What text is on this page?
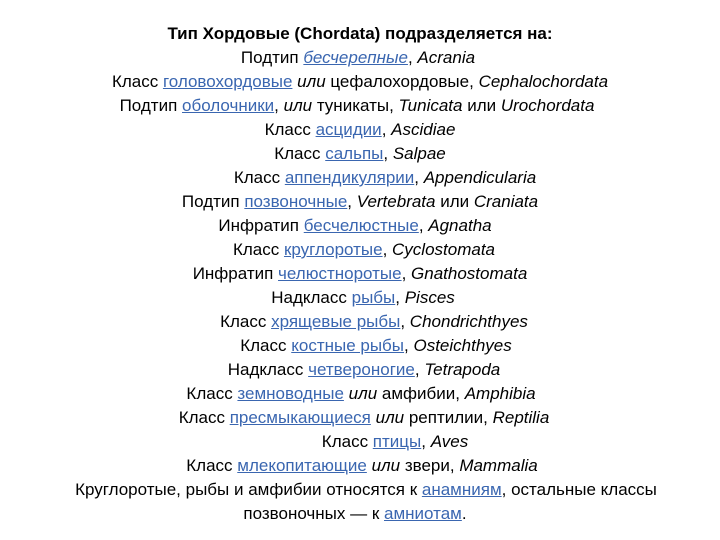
Тип Хордовые (Chordata) подразделяется на:
Подтип бесчерепные, Acrania
Класс головохордовые или цефалохордовые, Cephalochordata
Подтип оболочники, или туникаты, Tunicata или Urochordata
Класс асцидии, Ascidiae
Класс сальпы, Salpae
Класс аппендикулярии, Appendicularia
Подтип позвоночные, Vertebrata или Craniata
Инфратип бесчелюстные, Agnatha
Класс круглоротые, Cyclostomata
Инфратип челюстноротые, Gnathostomata
Надкласс рыбы, Pisces
Класс хрящевые рыбы, Chondrichthyes
Класс костные рыбы, Osteichthyes
Надкласс четвероногие, Tetrapoda
Класс земноводные или амфибии, Amphibia
Класс пресмыкающиеся или рептилии, Reptilia
Класс птицы, Aves
Класс млекопитающие или звери, Mammalia
Круглоротые, рыбы и амфибии относятся к анамниям, остальные классы
позвоночных — к амниотам.
